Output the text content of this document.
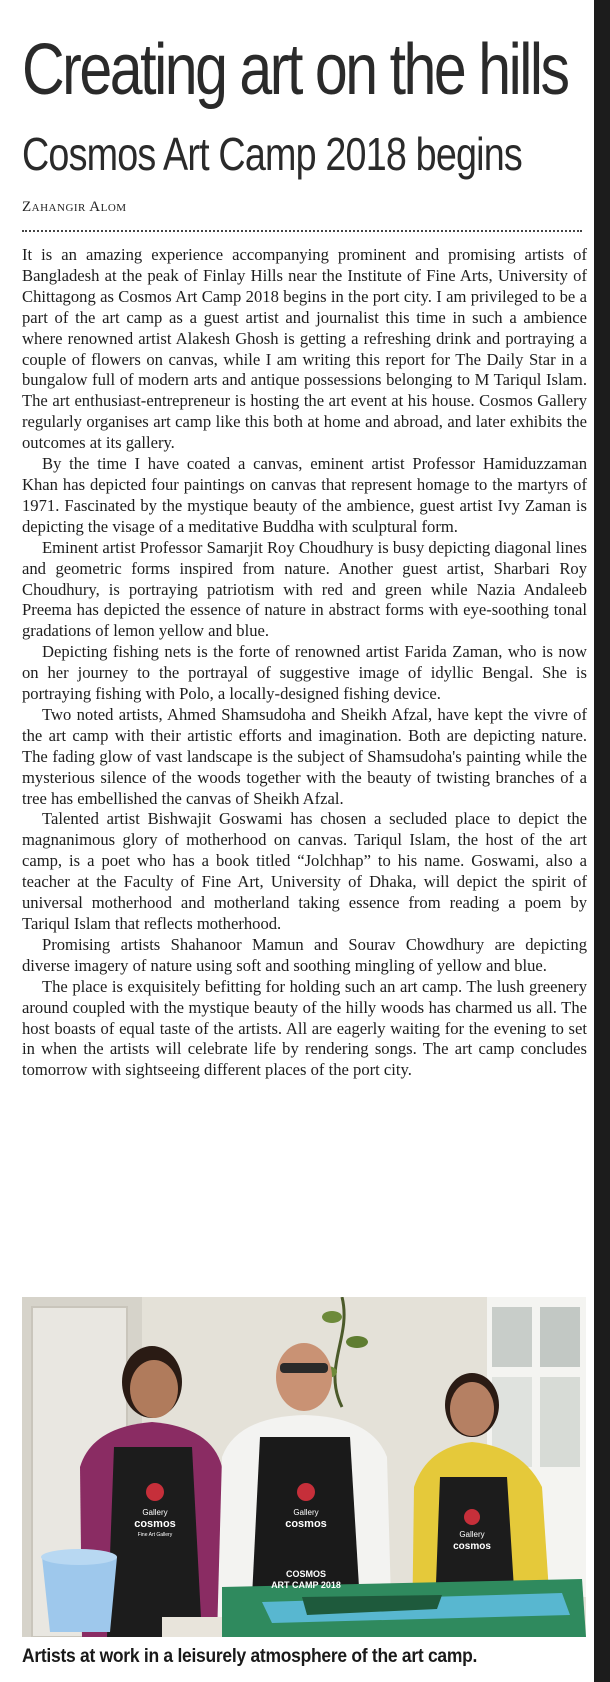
Creating art on the hills
Cosmos Art Camp 2018 begins
Zahangir Alom

It is an amazing experience accompanying prominent and promising artists of Bangladesh at the peak of Finlay Hills near the Institute of Fine Arts, University of Chittagong as Cosmos Art Camp 2018 begins in the port city. I am privileged to be a part of the art camp as a guest artist and journalist this time in such a ambience where renowned artist Alakesh Ghosh is getting a refreshing drink and portraying a couple of flowers on canvas, while I am writing this report for The Daily Star in a bungalow full of modern arts and antique possessions belonging to M Tariqul Islam. The art enthusiast-entrepreneur is hosting the art event at his house. Cosmos Gallery regularly organises art camp like this both at home and abroad, and later exhibits the outcomes at its gallery.

By the time I have coated a canvas, eminent artist Professor Hamiduzzaman Khan has depicted four paintings on canvas that represent homage to the martyrs of 1971. Fascinated by the mystique beauty of the ambience, guest artist Ivy Zaman is depicting the visage of a meditative Buddha with sculptural form.

Eminent artist Professor Samarjit Roy Choudhury is busy depicting diagonal lines and geometric forms inspired from nature. Another guest artist, Sharbari Roy Choudhury, is portraying patriotism with red and green while Nazia Andaleeb Preema has depicted the essence of nature in abstract forms with eye-soothing tonal gradations of lemon yellow and blue.

Depicting fishing nets is the forte of renowned artist Farida Zaman, who is now on her journey to the portrayal of suggestive image of idyllic Bengal. She is portraying fishing with Polo, a locally-designed fishing device.

Two noted artists, Ahmed Shamsudoha and Sheikh Afzal, have kept the vivre of the art camp with their artistic efforts and imagination. Both are depicting nature. The fading glow of vast landscape is the subject of Shamsudoha's painting while the mysterious silence of the woods together with the beauty of twisting branches of a tree has embellished the canvas of Sheikh Afzal.

Talented artist Bishwajit Goswami has chosen a secluded place to depict the magnanimous glory of motherhood on canvas. Tariqul Islam, the host of the art camp, is a poet who has a book titled “Jolchhap” to his name. Goswami, also a teacher at the Faculty of Fine Art, University of Dhaka, will depict the spirit of universal motherhood and motherland taking essence from reading a poem by Tariqul Islam that reflects motherhood.

Promising artists Shahanoor Mamun and Sourav Chowdhury are depicting diverse imagery of nature using soft and soothing mingling of yellow and blue.

The place is exquisitely befitting for holding such an art camp. The lush greenery around coupled with the mystique beauty of the hilly woods has charmed us all. The host boasts of equal taste of the artists. All are eagerly waiting for the evening to set in when the artists will celebrate life by rendering songs. The art camp concludes tomorrow with sightseeing different places of the port city.

Gallery
cosmos
Fine Art Gallery
Gallery
cosmos
COSMOS
ART CAMP 2018
Gallery
cosmos
Artists at work in a leisurely atmosphere of the art camp.
